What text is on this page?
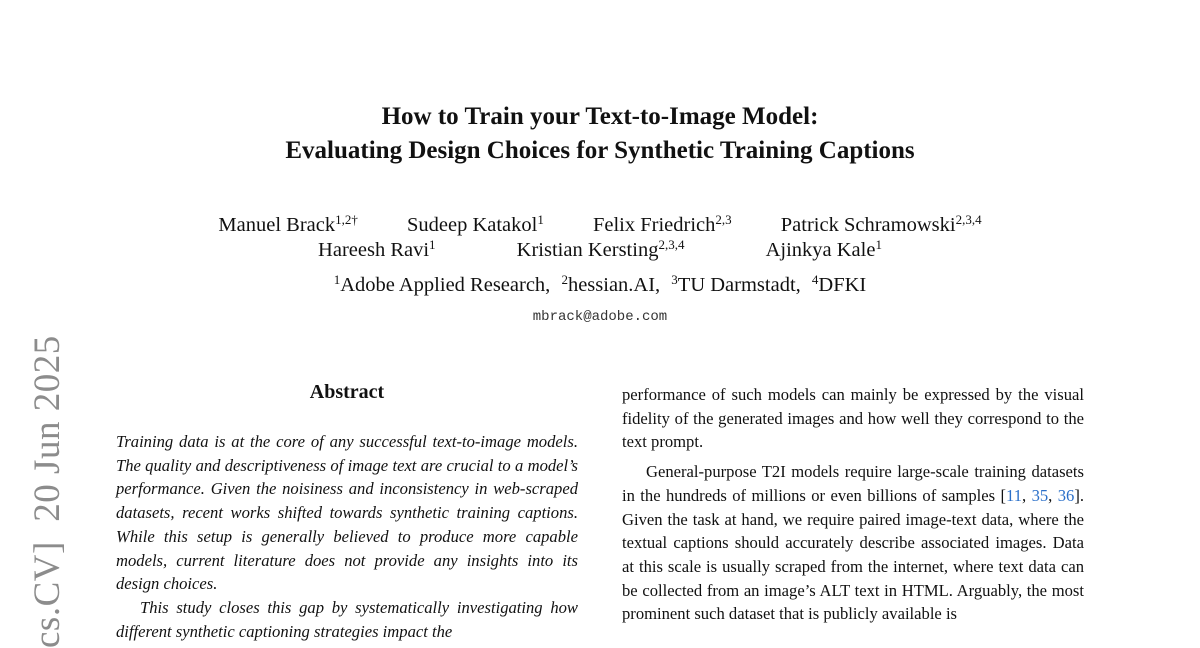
cs.CV]  20 Jun 2025
How to Train your Text-to-Image Model:
Evaluating Design Choices for Synthetic Training Captions
Manuel Brack$^{1,2\dagger}$ Sudeep Katakol$^1$ Felix Friedrich$^{2,3}$ Patrick Schramowski$^{2,3,4}$
Hareesh Ravi$^1$	Kristian Kersting$^{2,3,4}$	Ajinkya Kale$^1$
$^1$Adobe Applied Research, $^2$hessian.AI, $^3$TU Darmstadt, $^4$DFKI
mbrack@adobe.com
Abstract

Training data is at the core of any successful text-to-image models. The quality and descriptiveness of image text are crucial to a model’s performance. Given the noisiness and inconsistency in web-scraped datasets, recent works shifted towards synthetic training captions. While this setup is generally believed to produce more capable models, current literature does not provide any insights into its design choices.

This study closes this gap by systematically investigating how different synthetic captioning strategies impact the

performance of such models can mainly be expressed by the visual fidelity of the generated images and how well they correspond to the text prompt.

General-purpose T2I models require large-scale training datasets in the hundreds of millions or even billions of samples [11, 35, 36]. Given the task at hand, we require paired image-text data, where the textual captions should accurately describe associated images. Data at this scale is usually scraped from the internet, where text data can be collected from an image’s ALT text in HTML. Arguably, the most prominent such dataset that is publicly available is
